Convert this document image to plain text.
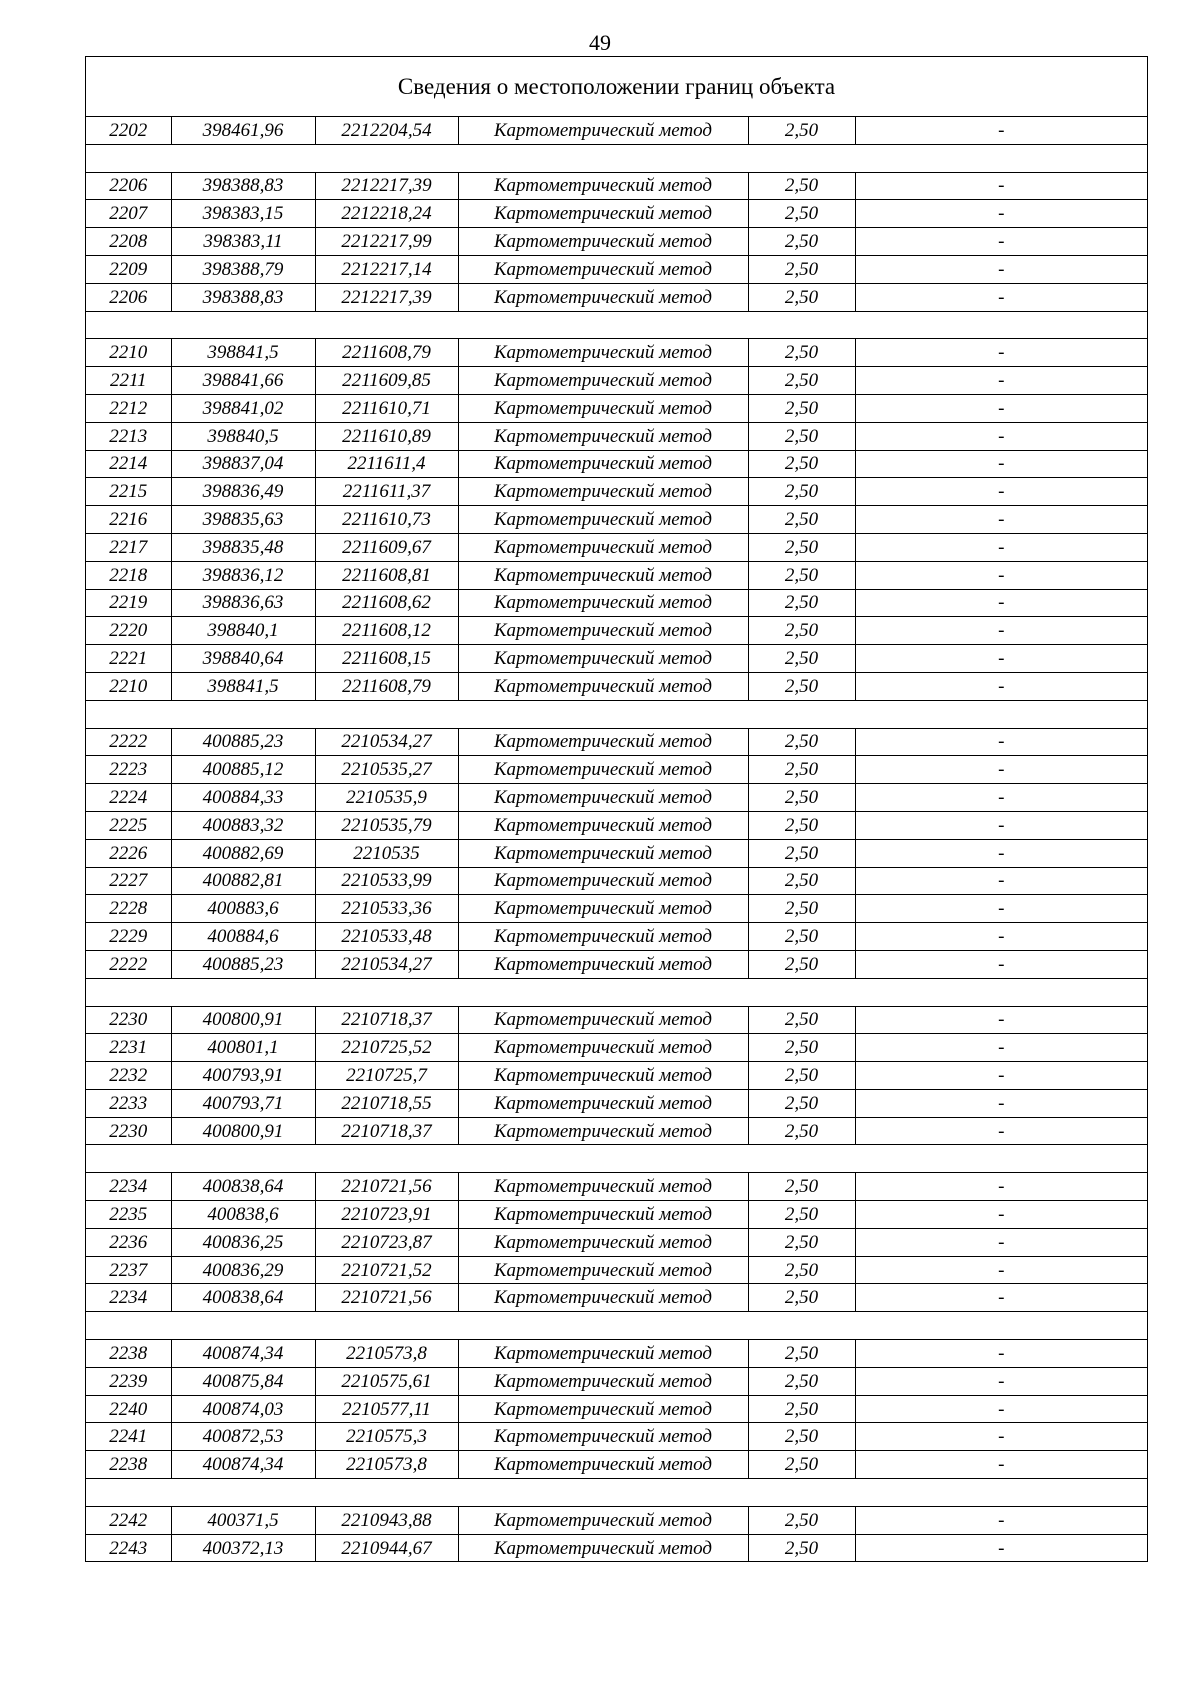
49
Сведения о местоположении границ объекта
2202	398461,96	2212204,54	Картометрический метод	2,50	-

2206	398388,83	2212217,39	Картометрический метод	2,50	-
2207	398383,15	2212218,24	Картометрический метод	2,50	-
2208	398383,11	2212217,99	Картометрический метод	2,50	-
2209	398388,79	2212217,14	Картометрический метод	2,50	-
2206	398388,83	2212217,39	Картометрический метод	2,50	-

2210	398841,5	2211608,79	Картометрический метод	2,50	-
2211	398841,66	2211609,85	Картометрический метод	2,50	-
2212	398841,02	2211610,71	Картометрический метод	2,50	-
2213	398840,5	2211610,89	Картометрический метод	2,50	-
2214	398837,04	2211611,4	Картометрический метод	2,50	-
2215	398836,49	2211611,37	Картометрический метод	2,50	-
2216	398835,63	2211610,73	Картометрический метод	2,50	-
2217	398835,48	2211609,67	Картометрический метод	2,50	-
2218	398836,12	2211608,81	Картометрический метод	2,50	-
2219	398836,63	2211608,62	Картометрический метод	2,50	-
2220	398840,1	2211608,12	Картометрический метод	2,50	-
2221	398840,64	2211608,15	Картометрический метод	2,50	-
2210	398841,5	2211608,79	Картометрический метод	2,50	-

2222	400885,23	2210534,27	Картометрический метод	2,50	-
2223	400885,12	2210535,27	Картометрический метод	2,50	-
2224	400884,33	2210535,9	Картометрический метод	2,50	-
2225	400883,32	2210535,79	Картометрический метод	2,50	-
2226	400882,69	2210535	Картометрический метод	2,50	-
2227	400882,81	2210533,99	Картометрический метод	2,50	-
2228	400883,6	2210533,36	Картометрический метод	2,50	-
2229	400884,6	2210533,48	Картометрический метод	2,50	-
2222	400885,23	2210534,27	Картометрический метод	2,50	-

2230	400800,91	2210718,37	Картометрический метод	2,50	-
2231	400801,1	2210725,52	Картометрический метод	2,50	-
2232	400793,91	2210725,7	Картометрический метод	2,50	-
2233	400793,71	2210718,55	Картометрический метод	2,50	-
2230	400800,91	2210718,37	Картометрический метод	2,50	-

2234	400838,64	2210721,56	Картометрический метод	2,50	-
2235	400838,6	2210723,91	Картометрический метод	2,50	-
2236	400836,25	2210723,87	Картометрический метод	2,50	-
2237	400836,29	2210721,52	Картометрический метод	2,50	-
2234	400838,64	2210721,56	Картометрический метод	2,50	-

2238	400874,34	2210573,8	Картометрический метод	2,50	-
2239	400875,84	2210575,61	Картометрический метод	2,50	-
2240	400874,03	2210577,11	Картометрический метод	2,50	-
2241	400872,53	2210575,3	Картометрический метод	2,50	-
2238	400874,34	2210573,8	Картометрический метод	2,50	-

2242	400371,5	2210943,88	Картометрический метод	2,50	-
2243	400372,13	2210944,67	Картометрический метод	2,50	-
